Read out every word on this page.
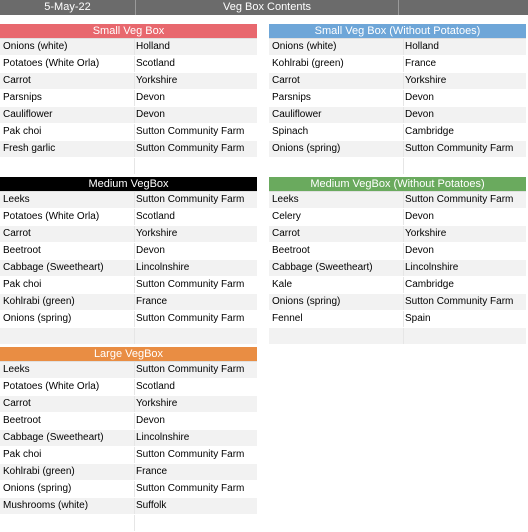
5-May-22	Veg Box Contents
Small Veg Box
Onions (white)	Holland
Potatoes (White Orla)	Scotland
Carrot	Yorkshire
Parsnips	Devon
Cauliflower	Devon
Pak choi	Sutton Community Farm
Fresh garlic	Sutton Community Farm
Small Veg Box (Without Potatoes)
Onions (white)	Holland
Kohlrabi (green)	France
Carrot	Yorkshire
Parsnips	Devon
Cauliflower	Devon
Spinach	Cambridge
Onions (spring)	Sutton Community Farm
Medium VegBox
Leeks	Sutton Community Farm
Potatoes (White Orla)	Scotland
Carrot	Yorkshire
Beetroot	Devon
Cabbage (Sweetheart)	Lincolnshire
Pak choi	Sutton Community Farm
Kohlrabi (green)	France
Onions (spring)	Sutton Community Farm
Medium VegBox (Without Potatoes)
Leeks	Sutton Community Farm
Celery	Devon
Carrot	Yorkshire
Beetroot	Devon
Cabbage (Sweetheart)	Lincolnshire
Kale	Cambridge
Onions (spring)	Sutton Community Farm
Fennel	Spain
Large VegBox
Leeks	Sutton Community Farm
Potatoes (White Orla)	Scotland
Carrot	Yorkshire
Beetroot	Devon
Cabbage (Sweetheart)	Lincolnshire
Pak choi	Sutton Community Farm
Kohlrabi (green)	France
Onions (spring)	Sutton Community Farm
Mushrooms (white)	Suffolk
